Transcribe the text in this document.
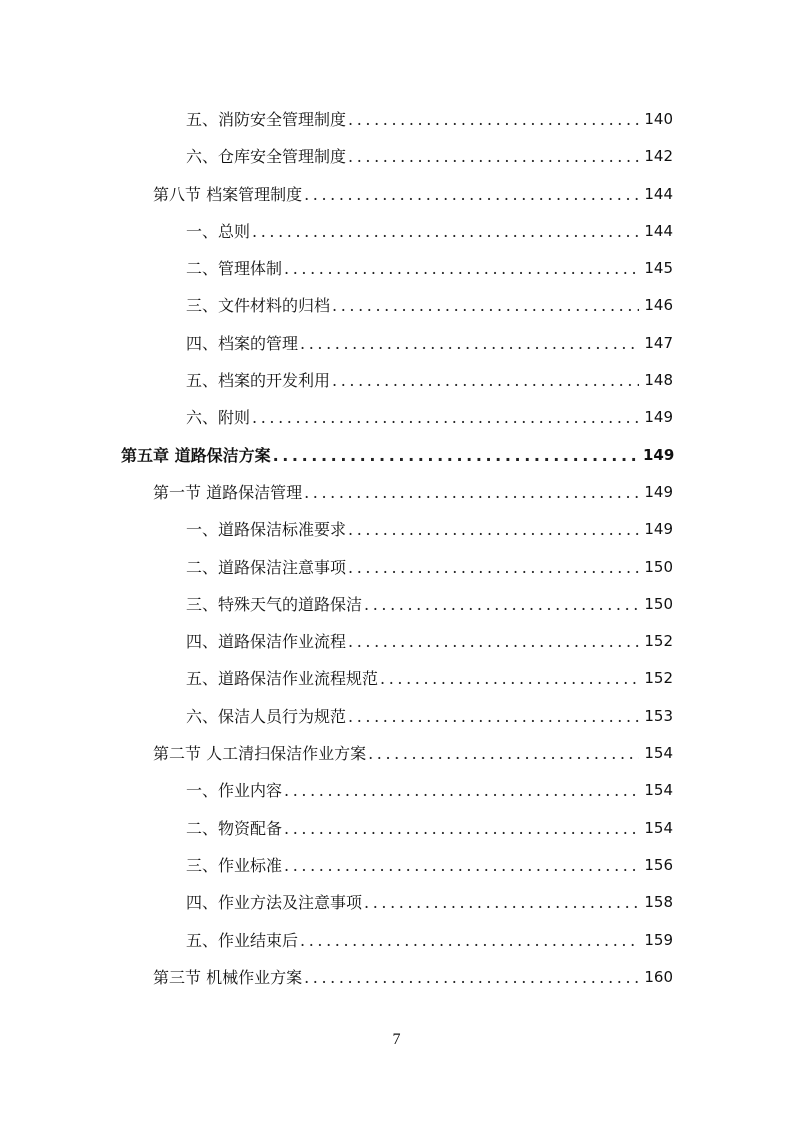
五、消防安全管理制度 .....	140
六、仓库安全管理制度 .....	142
第八节 档案管理制度 .....	144
一、总则 .....	144
二、管理体制 .....	145
三、文件材料的归档 .....	146
四、档案的管理 .....	147
五、档案的开发利用 .....	148
六、附则 .....	149
第五章 道路保洁方案 .....	149
第一节 道路保洁管理 .....	149
一、道路保洁标准要求 .....	149
二、道路保洁注意事项 .....	150
三、特殊天气的道路保洁 .....	150
四、道路保洁作业流程 .....	152
五、道路保洁作业流程规范 .....	152
六、保洁人员行为规范 .....	153
第二节 人工清扫保洁作业方案 .....	154
一、作业内容 .....	154
二、物资配备 .....	154
三、作业标准 .....	156
四、作业方法及注意事项 .....	158
五、作业结束后 .....	159
第三节 机械作业方案 .....	160
7
